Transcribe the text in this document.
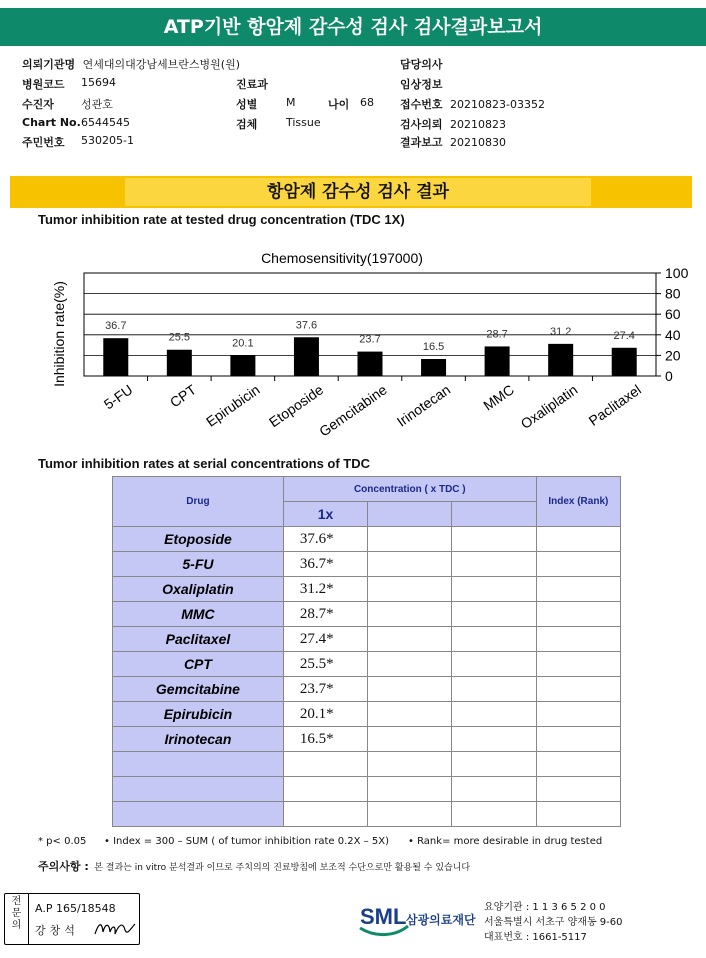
ATP기반 항암제 감수성 검사 검사결과보고서
의뢰기관명 연세대의대강남세브란스병원(원)
병원코드 15694
수진자 성관호
Chart No. 6544545
주민번호 530205-1
진료과
성별	M	나이 68
검체	Tissue
담당의사
임상정보
접수번호 20210823-03352
검사의뢰 20210823
결과보고 20210830
항암제 감수성 검사 결과
Tumor inhibition rate at tested drug concentration (TDC 1X)
Chemosensitivity(197000)
Inhibition rate(%)	36.7
25.5	20.1
37.6
23.7
16.5
28.7	31.2	27.4
0
20
40
60
80
100
5-FU CPT Epirubicin Etoposide
Gemcitabine Irinotecan MMC Oxaliplatin Paclitaxel
Tumor inhibition rates at serial concentrations of TDC
Drug	Concentration ( x TDC )			Index (Rank)
	1x			
Etoposide	37.6*			
5-FU	36.7*			
Oxaliplatin	31.2*			
MMC	28.7*			
Paclitaxel	27.4*			
CPT	25.5*			
Gemcitabine	23.7*			
Epirubicin	20.1*			
Irinotecan	16.5*			

* p< 0.05 • Index = 300 – SUM ( of tumor inhibition rate 0.2X – 5X) • Rank= more desirable in drug tested
주의사항 : 본 결과는 in vitro 분석결과 이므로 주치의의 진료방침에 보조적 수단으로만 활용될 수 있습니다
전문의
A.P 165/18548
강창석
SML 삼광의료재단
요양기관 : 1 1 3 6 5 2 0 0
서울특별시 서초구 양재동 9-60
대표번호 : 1661-5117
